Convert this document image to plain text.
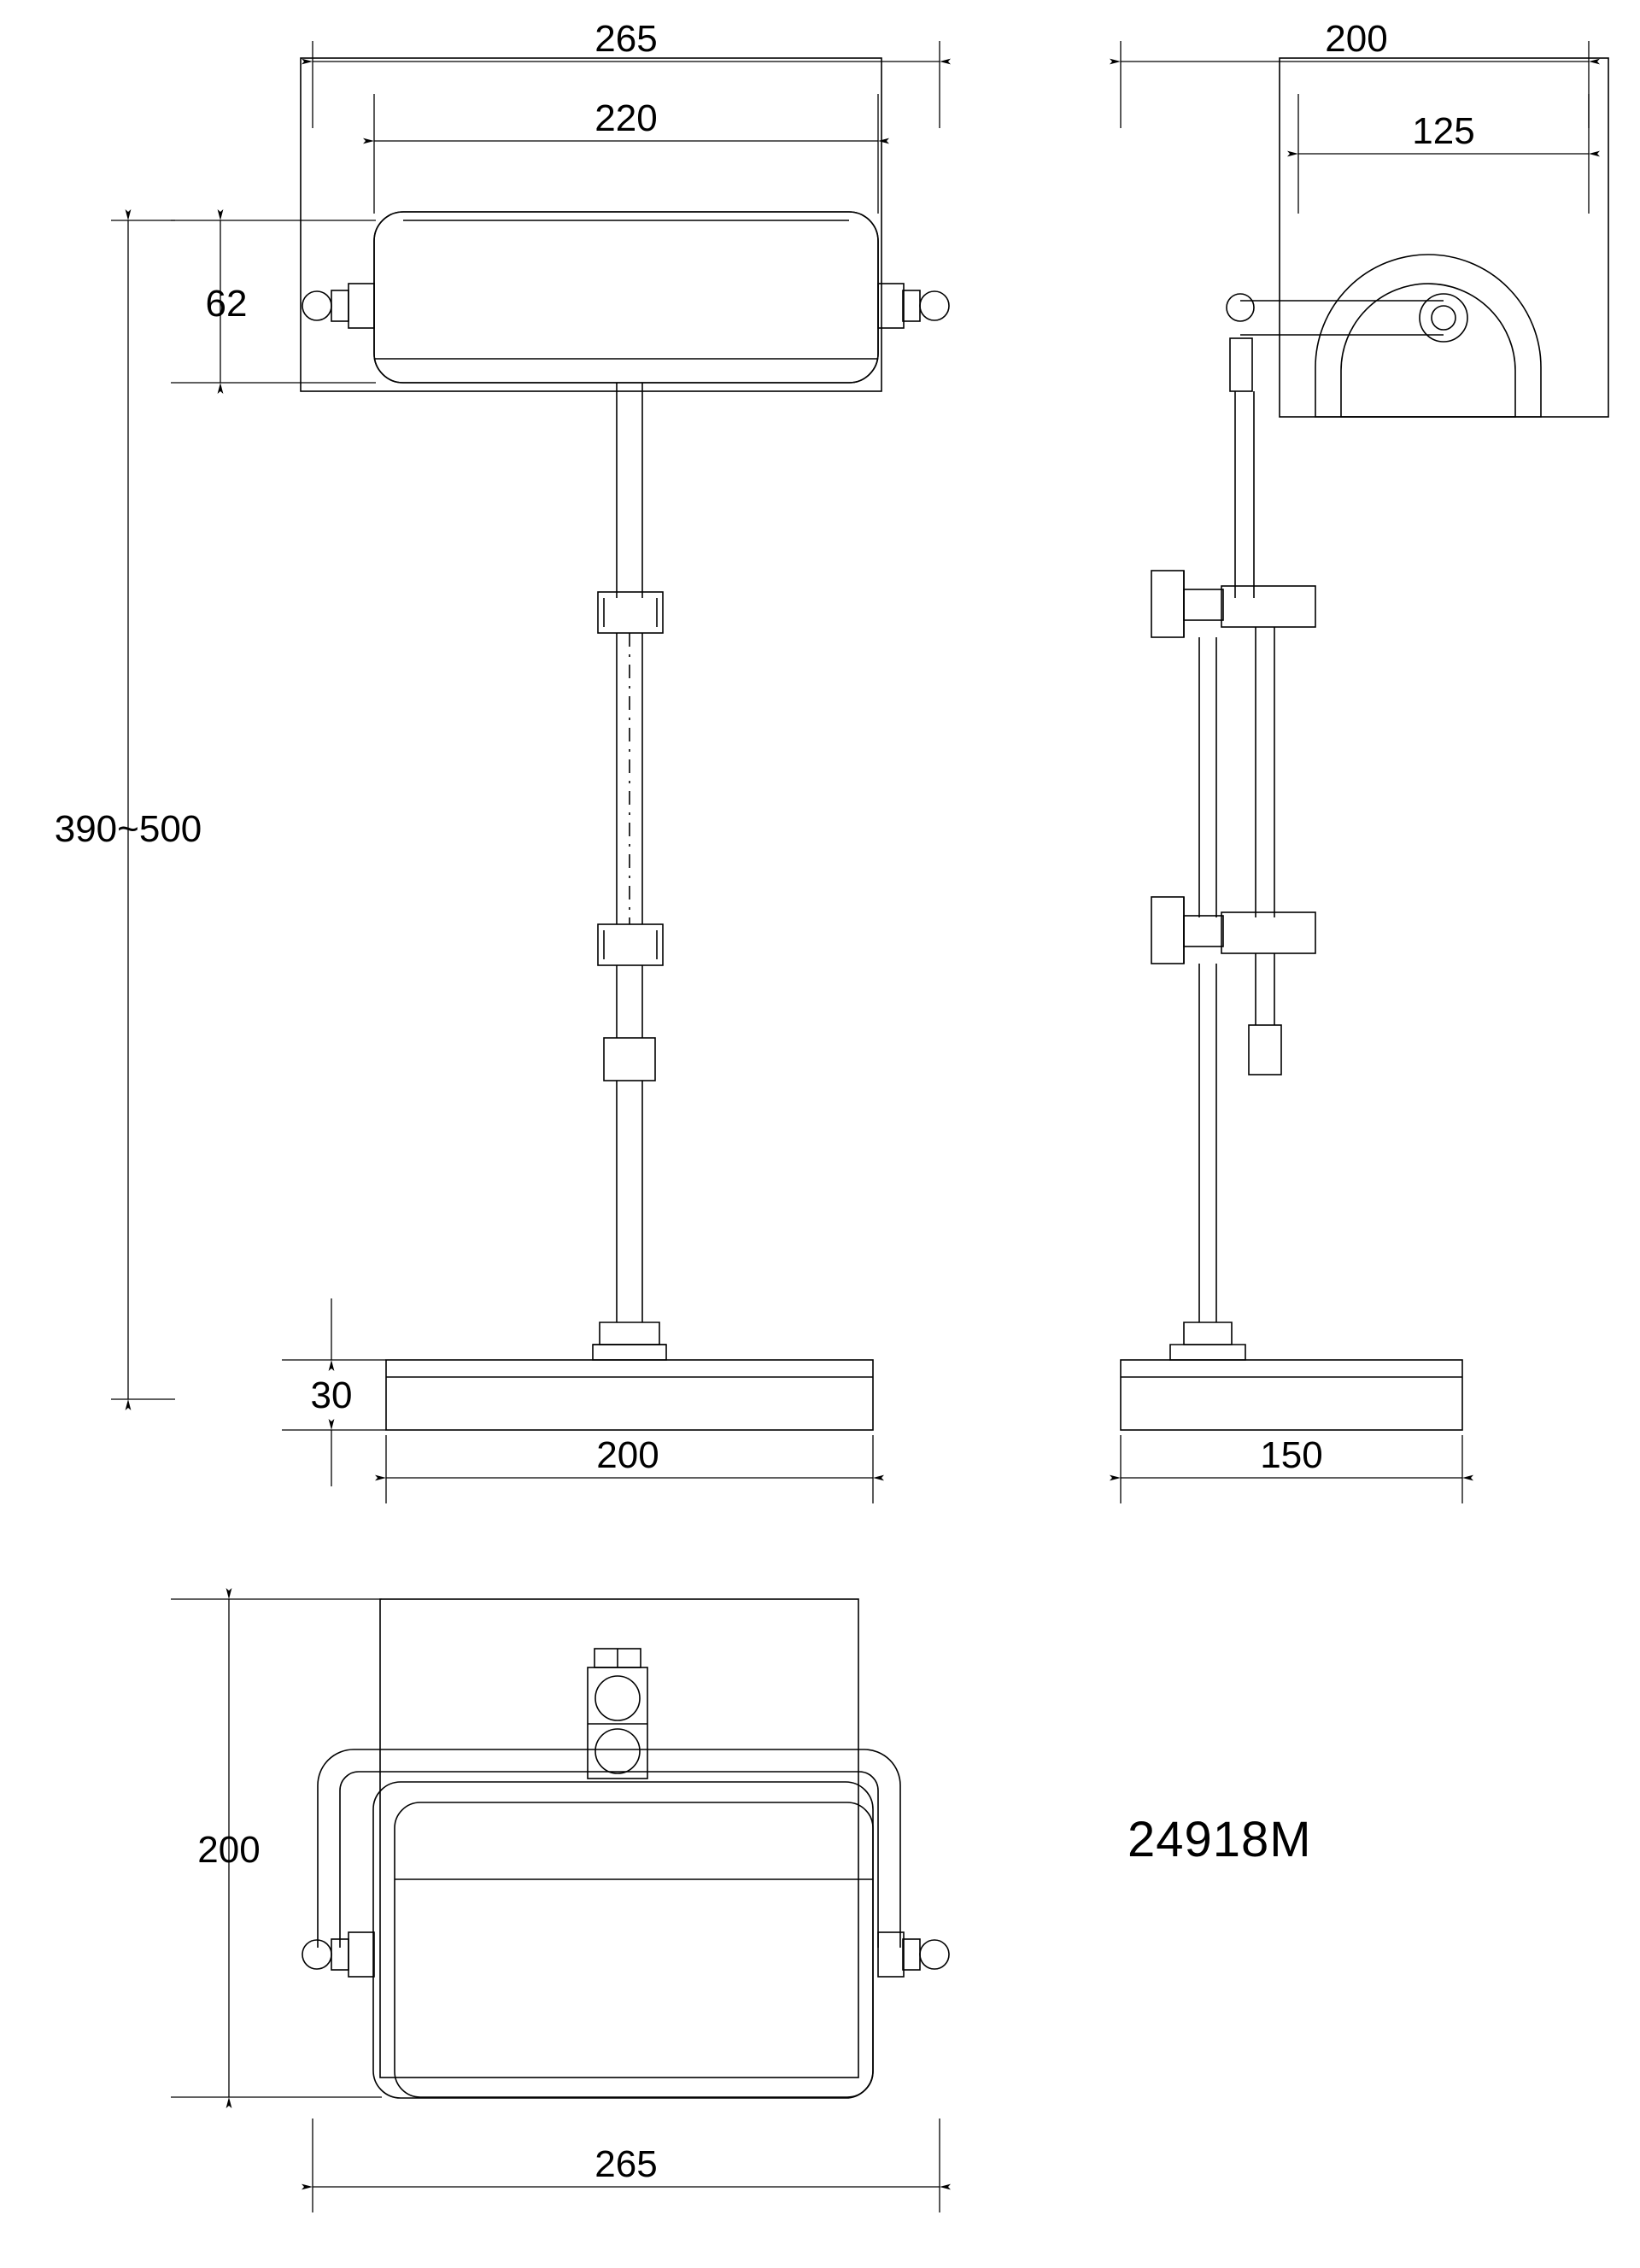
265
220
62
390~500
30
200
200
125
150
200
265
24918M
